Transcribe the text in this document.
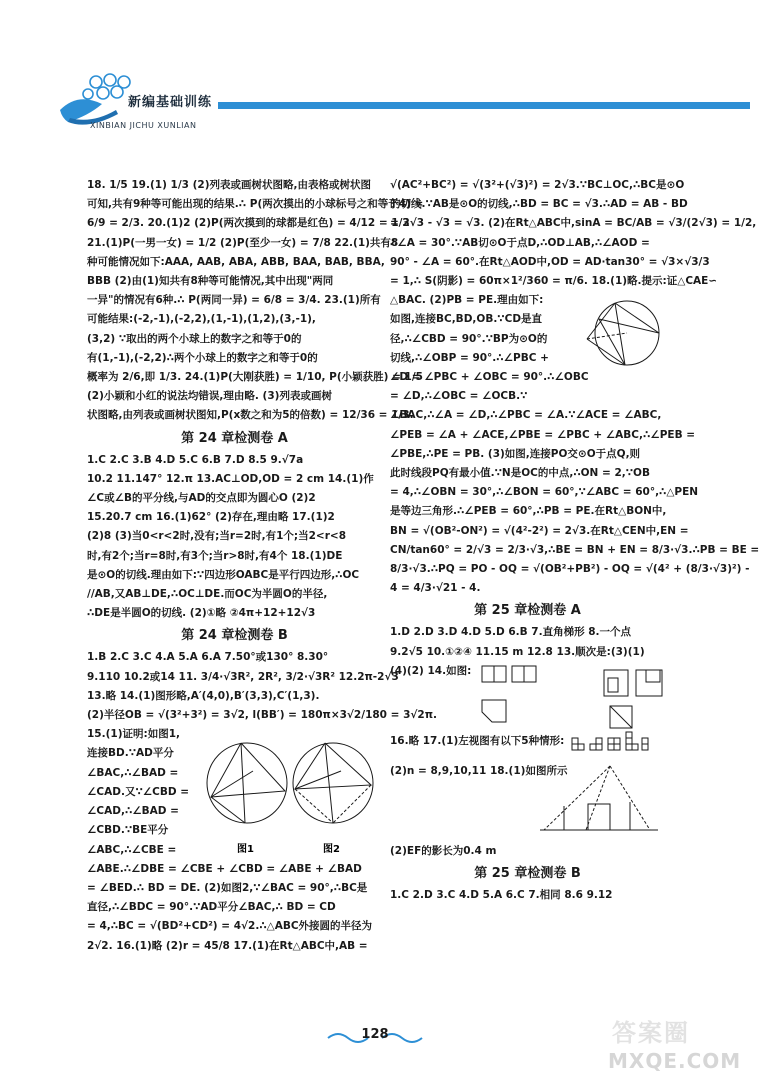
新编基础训练
XINBIAN JICHU XUNLIAN

18. 1/5 19.(1) 1/3 (2)列表或画树状图略,由表格或树状图

可知,共有9种等可能出现的结果.∴ P(两次摸出的小球标号之和等于4) =

6/9 = 2/3. 20.(1)2 (2)P(两次摸到的球都是红色) = 4/12 = 1/3

21.(1)P(一男一女) = 1/2 (2)P(至少一女) = 7/8 22.(1)共有8

种可能情况如下:AAA, AAB, ABA, ABB, BAA, BAB, BBA,

BBB (2)由(1)知共有8种等可能情况,其中出现"两同

一异"的情况有6种.∴ P(两同一异) = 6/8 = 3/4. 23.(1)所有

可能结果:(-2,-1),(-2,2),(1,-1),(1,2),(3,-1),

(3,2) ∵取出的两个小球上的数字之和等于0的

有(1,-1),(-2,2)∴两个小球上的数字之和等于0的

概率为 2/6,即 1/3. 24.(1)P(大刚获胜) = 1/10, P(小颖获胜) = 1/5

(2)小颖和小红的说法均错误,理由略. (3)列表或画树

状图略,由列表或画树状图知,P(x数之和为5的倍数) = 12/36 = 1/3.

第 24 章检测卷 A

1.C 2.C 3.B 4.D 5.C 6.B 7.D 8.5 9.√7a

10.2 11.147° 12.π 13.AC⊥OD,OD = 2 cm 14.(1)作

∠C或∠B的平分线,与AD的交点即为圆心O (2)2

15.20.7 cm 16.(1)62° (2)存在,理由略 17.(1)2

(2)8 (3)当0<r<2时,没有;当r=2时,有1个;当2<r<8

时,有2个;当r=8时,有3个;当r>8时,有4个 18.(1)DE

是⊙O的切线.理由如下:∵四边形OABC是平行四边形,∴OC

//AB,又AB⊥DE,∴OC⊥DE.而OC为半圆O的半径,

∴DE是半圆O的切线. (2)①略 ②4π+12+12√3

第 24 章检测卷 B

1.B 2.C 3.C 4.A 5.A 6.A 7.50°或130° 8.30°

9.110 10.2或14 11. 3/4·√3R², 2R², 3/2·√3R² 12.2π-2√3

13.略 14.(1)图形略,A′(4,0),B′(3,3),C′(1,3).

(2)半径OB = √(3²+3²) = 3√2, l(BB′) = 180π×3√2/180 = 3√2π.

15.(1)证明:如图1,

连接BD.∵AD平分

∠BAC,∴∠BAD =

∠CAD.又∵∠CBD =

∠CAD,∴∠BAD =

∠CBD.∵BE平分

∠ABC,∴∠CBE =	图1	图2

∠ABE.∴∠DBE = ∠CBE + ∠CBD = ∠ABE + ∠BAD

= ∠BED.∴ BD = DE. (2)如图2,∵∠BAC = 90°,∴BC是

直径,∴∠BDC = 90°.∵AD平分∠BAC,∴ BD = CD

= 4,∴BC = √(BD²+CD²) = 4√2.∴△ABC外接圆的半径为

2√2. 16.(1)略 (2)r = 45/8 17.(1)在Rt△ABC中,AB =

√(AC²+BC²) = √(3²+(√3)²) = 2√3.∵BC⊥OC,∴BC是⊙O

的切线.∵AB是⊙O的切线,∴BD = BC = √3.∴AD = AB - BD

= 2√3 - √3 = √3. (2)在Rt△ABC中,sinA = BC/AB = √3/(2√3) = 1/2,

∴∠A = 30°.∵AB切⊙O于点D,∴OD⊥AB,∴∠AOD =

90° - ∠A = 60°.在Rt△AOD中,OD = AD·tan30° = √3×√3/3

= 1,∴ S(阴影) = 60π×1²/360 = π/6. 18.(1)略.提示:证△CAE∽

△BAC. (2)PB = PE.理由如下:

如图,连接BC,BD,OB.∵CD是直

径,∴∠CBD = 90°.∵BP为⊙O的

切线,∴∠OBP = 90°.∴∠PBC +

∠D = ∠PBC + ∠OBC = 90°.∴∠OBC

= ∠D,∴∠OBC = ∠OCB.∵

∠BAC,∴∠A = ∠D,∴∠PBC = ∠A.∵∠ACE = ∠ABC,

∠PEB = ∠A + ∠ACE,∠PBE = ∠PBC + ∠ABC,∴∠PEB =

∠PBE,∴PE = PB. (3)如图,连接PO交⊙O于点Q,则

此时线段PQ有最小值.∵N是OC的中点,∴ON = 2,∵OB

= 4,∴∠OBN = 30°,∴∠BON = 60°,∵∠ABC = 60°,∴△PEN

是等边三角形.∴∠PEB = 60°,∴PB = PE.在Rt△BON中,

BN = √(OB²-ON²) = √(4²-2²) = 2√3.在Rt△CEN中,EN =

CN/tan60° = 2/√3 = 2/3·√3,∴BE = BN + EN = 8/3·√3.∴PB = BE =

8/3·√3.∴PQ = PO - OQ = √(OB²+PB²) - OQ = √(4² + (8/3·√3)²) -

4 = 4/3·√21 - 4.

第 25 章检测卷 A

1.D 2.D 3.D 4.D 5.D 6.B 7.直角梯形 8.一个点

9.2√5 10.①②④ 11.15 m 12.8 13.顺次是:(3)(1)

(4)(2) 14.如图:

16.略 17.(1)左视图有以下5种情形:

(2)n = 8,9,10,11 18.(1)如图所示

(2)EF的影长为0.4 m

第 25 章检测卷 B

1.C 2.D 3.C 4.D 5.A 6.C 7.相同 8.6 9.12

128	答案圈
MXQE.COM
